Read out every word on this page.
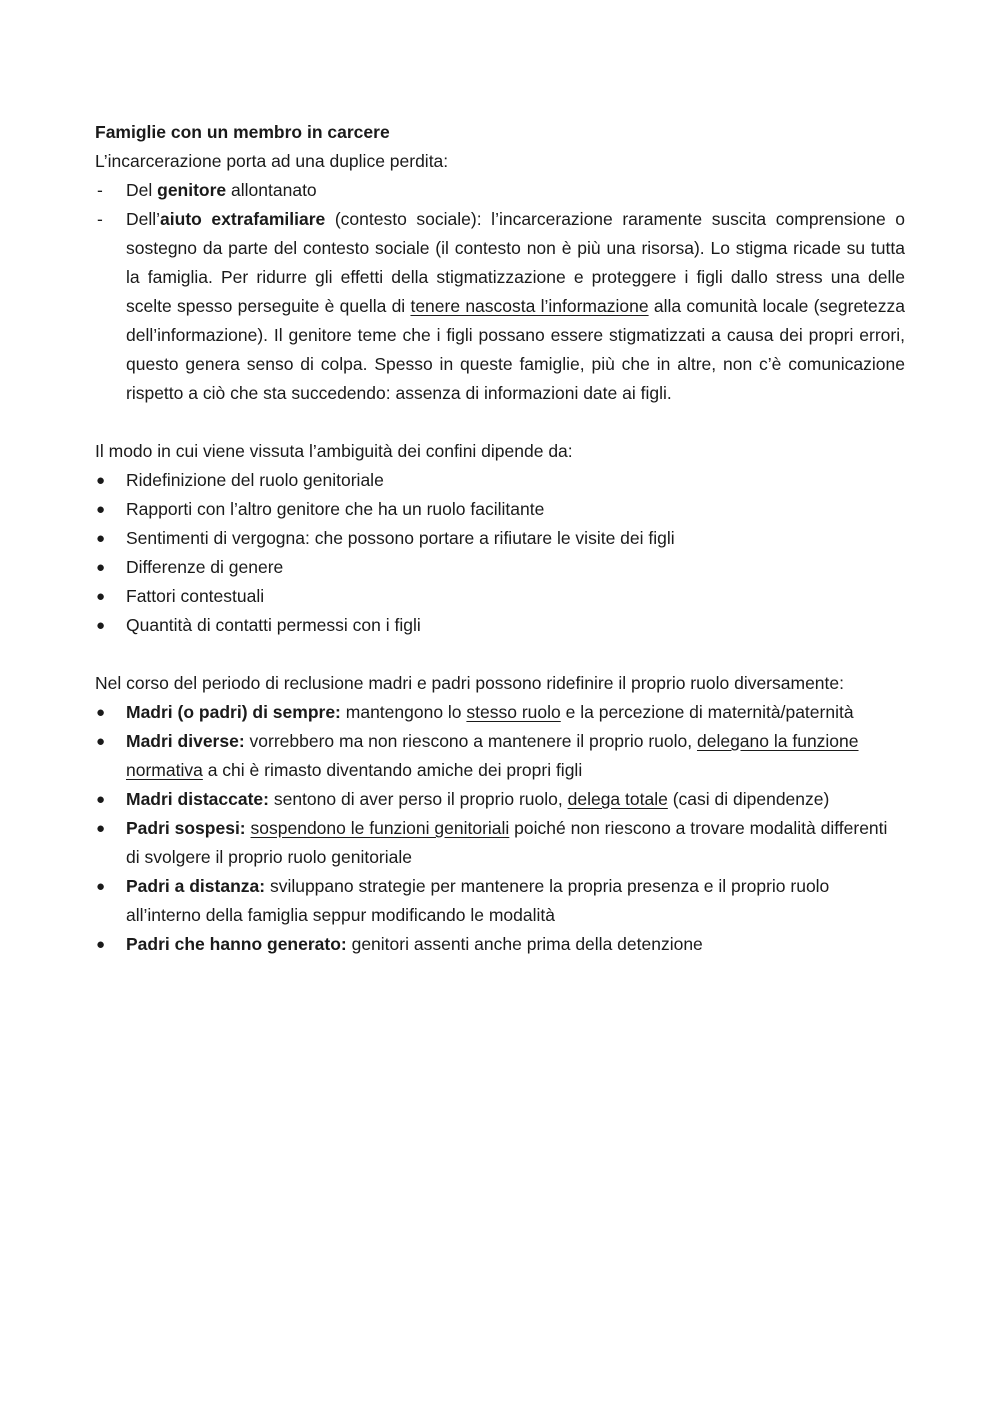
Famiglie con un membro in carcere
L’incarcerazione porta ad una duplice perdita:
-	Del genitore allontanato
-	Dell’aiuto extrafamiliare (contesto sociale): l’incarcerazione raramente suscita comprensione o sostegno da parte del contesto sociale (il contesto non è più una risorsa). Lo stigma ricade su tutta la famiglia. Per ridurre gli effetti della stigmatizzazione e proteggere i figli dallo stress una delle scelte spesso perseguite è quella di tenere nascosta l’informazione alla comunità locale (segretezza dell’informazione). Il genitore teme che i figli possano essere stigmatizzati a causa dei propri errori, questo genera senso di colpa. Spesso in queste famiglie, più che in altre, non c’è comunicazione rispetto a ciò che sta succedendo: assenza di informazioni date ai figli.
Il modo in cui viene vissuta l’ambiguità dei confini dipende da:
●	Ridefinizione del ruolo genitoriale
●	Rapporti con l’altro genitore che ha un ruolo facilitante
●	Sentimenti di vergogna: che possono portare a rifiutare le visite dei figli
●	Differenze di genere
●	Fattori contestuali
●	Quantità di contatti permessi con i figli
Nel corso del periodo di reclusione madri e padri possono ridefinire il proprio ruolo diversamente:
●	Madri (o padri) di sempre: mantengono lo stesso ruolo e la percezione di maternità/paternità
●	Madri diverse: vorrebbero ma non riescono a mantenere il proprio ruolo, delegano la funzione normativa a chi è rimasto diventando amiche dei propri figli
●	Madri distaccate: sentono di aver perso il proprio ruolo, delega totale (casi di dipendenze)
●	Padri sospesi: sospendono le funzioni genitoriali poiché non riescono a trovare modalità differenti di svolgere il proprio ruolo genitoriale
●	Padri a distanza: sviluppano strategie per mantenere la propria presenza e il proprio ruolo all’interno della famiglia seppur modificando le modalità
●	Padri che hanno generato: genitori assenti anche prima della detenzione
